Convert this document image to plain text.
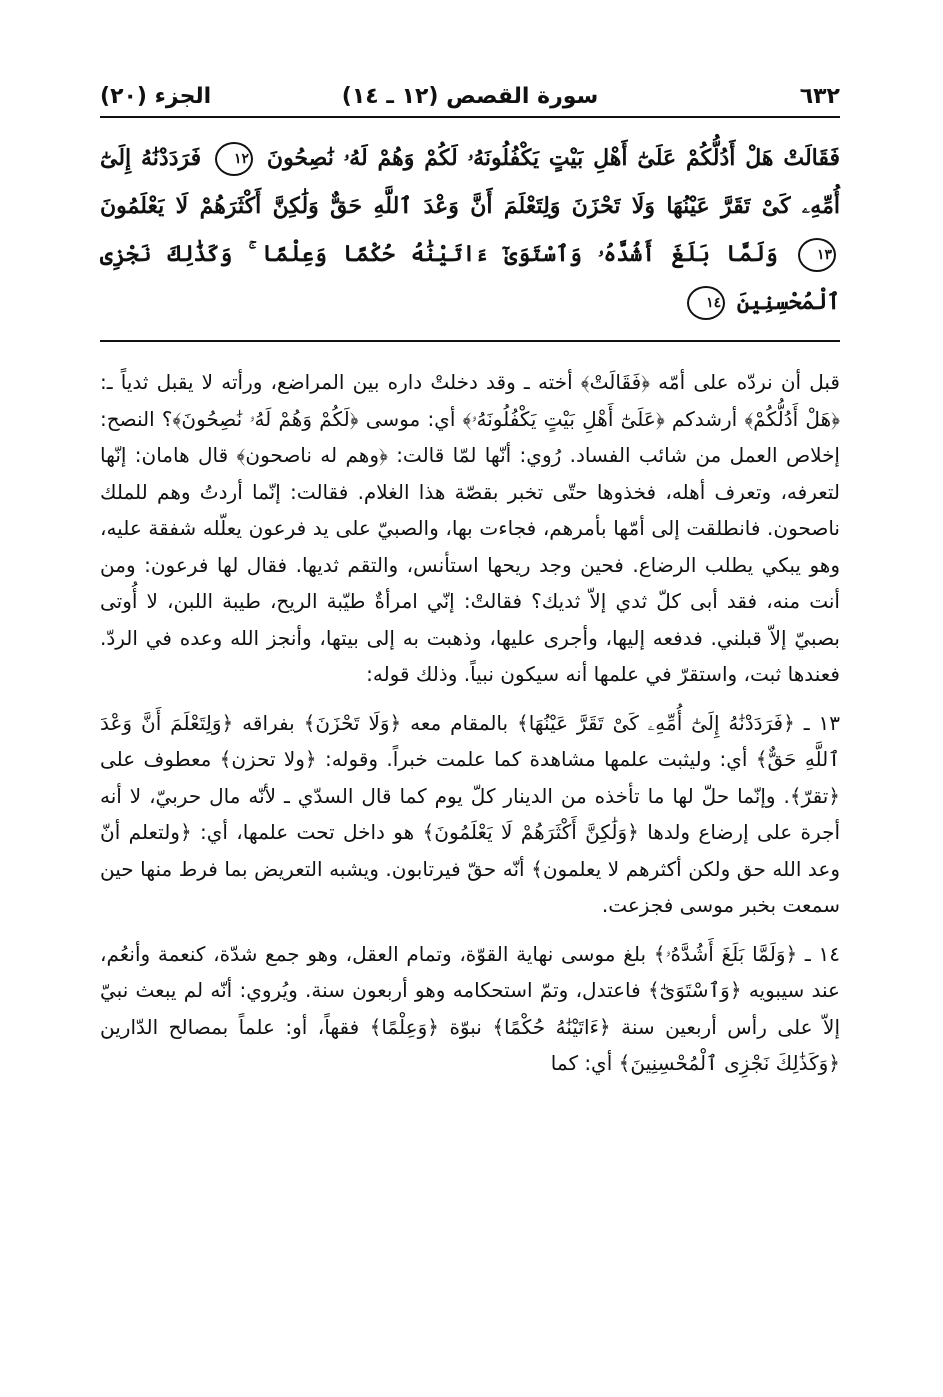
٦٣٢
سورة القصص (١٢ ـ ١٤)
الجزء (٢٠)
فَقَالَتْ هَلْ أَدُلُّكُمْ عَلَىٰٓ أَهْلِ بَيْتٍ يَكْفُلُونَهُۥ لَكُمْ وَهُمْ لَهُۥ نَٰصِحُونَ ١٢ فَرَدَدْنَٰهُ إِلَىٰٓ أُمِّهِۦ كَىْ تَقَرَّ عَيْنُهَا وَلَا تَحْزَنَ وَلِتَعْلَمَ أَنَّ وَعْدَ ٱللَّهِ حَقٌّ وَلَٰكِنَّ أَكْثَرَهُمْ لَا يَعْلَمُونَ ١٣ وَلَمَّا بَلَغَ أَشُدَّهُۥ وَٱسْتَوَىٰٓ ءَاتَيْنَٰهُ حُكْمًا وَعِلْمًا ۚ وَكَذَٰلِكَ نَجْزِى ٱلْمُحْسِنِينَ ١٤

قبل أن نردّه على أمّه ﴿فَقَالَتْ﴾ أخته ـ وقد دخلتْ داره بين المراضع، ورأته لا يقبل ثدياً ـ: ﴿هَلْ أَدُلُّكُمْ﴾ أرشدكم ﴿عَلَىٰٓ أَهْلِ بَيْتٍ يَكْفُلُونَهُۥ﴾ أي: موسى ﴿لَكُمْ وَهُمْ لَهُۥ نَٰصِحُونَ﴾؟ النصح: إخلاص العمل من شائب الفساد. رُوي: أنّها لمّا قالت: ﴿وهم له ناصحون﴾ قال هامان: إنّها لتعرفه، وتعرف أهله، فخذوها حتّى تخبر بقصّة هذا الغلام. فقالت: إنّما أردتُ وهم للملك ناصحون. فانطلقت إلى أمّها بأمرهم، فجاءت بها، والصبيّ على يد فرعون يعلّله شفقة عليه، وهو يبكي يطلب الرضاع. فحين وجد ريحها استأنس، والتقم ثديها. فقال لها فرعون: ومن أنت منه، فقد أبى كلّ ثدي إلاّ ثديك؟ فقالتْ: إنّي امرأةٌ طيّبة الريح، طيبة اللبن، لا أُوتى بصبيّ إلاّ قبلني. فدفعه إليها، وأجرى عليها، وذهبت به إلى بيتها، وأنجز الله وعده في الردّ. فعندها ثبت، واستقرّ في علمها أنه سيكون نبياً. وذلك قوله:

١٣ ـ ﴿فَرَدَدْنَٰهُ إِلَىٰٓ أُمِّهِۦ كَىْ تَقَرَّ عَيْنُهَا﴾ بالمقام معه ﴿وَلَا تَحْزَنَ﴾ بفراقه ﴿وَلِتَعْلَمَ أَنَّ وَعْدَ ٱللَّهِ حَقٌّ﴾ أي: وليثبت علمها مشاهدة كما علمت خبراً. وقوله: ﴿ولا تحزن﴾ معطوف على ﴿تقرّ﴾. وإنّما حلّ لها ما تأخذه من الدينار كلّ يوم كما قال السدّي ـ لأنّه مال حربيّ، لا أنه أجرة على إرضاع ولدها ﴿وَلَٰكِنَّ أَكْثَرَهُمْ لَا يَعْلَمُونَ﴾ هو داخل تحت علمها، أي: ﴿ولتعلم أنّ وعد الله حق ولكن أكثرهم لا يعلمون﴾ أنّه حقّ فيرتابون. ويشبه التعريض بما فرط منها حين سمعت بخبر موسى فجزعت.

١٤ ـ ﴿وَلَمَّا بَلَغَ أَشُدَّهُۥ﴾ بلغ موسى نهاية القوّة، وتمام العقل، وهو جمع شدّة، كنعمة وأنعُم، عند سيبويه ﴿وَٱسْتَوَىٰٓ﴾ فاعتدل، وتمّ استحكامه وهو أربعون سنة. ويُروي: أنّه لم يبعث نبيّ إلاّ على رأس أربعين سنة ﴿ءَاتَيْنَٰهُ حُكْمًا﴾ نبوّة ﴿وَعِلْمًا﴾ فقهاً، أو: علماً بمصالح الدّارين ﴿وَكَذَٰلِكَ نَجْزِى ٱلْمُحْسِنِينَ﴾ أي: كما
